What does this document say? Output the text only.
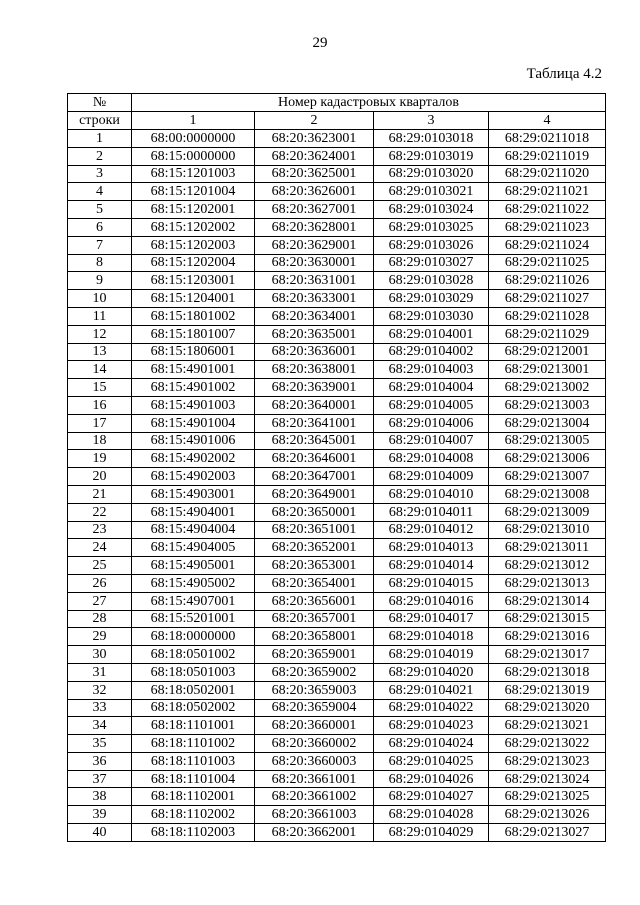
29
Таблица 4.2
№	Номер кадастровых кварталов			
строки	1	2	3	4
1	68:00:0000000	68:20:3623001	68:29:0103018	68:29:0211018
2	68:15:0000000	68:20:3624001	68:29:0103019	68:29:0211019
3	68:15:1201003	68:20:3625001	68:29:0103020	68:29:0211020
4	68:15:1201004	68:20:3626001	68:29:0103021	68:29:0211021
5	68:15:1202001	68:20:3627001	68:29:0103024	68:29:0211022
6	68:15:1202002	68:20:3628001	68:29:0103025	68:29:0211023
7	68:15:1202003	68:20:3629001	68:29:0103026	68:29:0211024
8	68:15:1202004	68:20:3630001	68:29:0103027	68:29:0211025
9	68:15:1203001	68:20:3631001	68:29:0103028	68:29:0211026
10	68:15:1204001	68:20:3633001	68:29:0103029	68:29:0211027
11	68:15:1801002	68:20:3634001	68:29:0103030	68:29:0211028
12	68:15:1801007	68:20:3635001	68:29:0104001	68:29:0211029
13	68:15:1806001	68:20:3636001	68:29:0104002	68:29:0212001
14	68:15:4901001	68:20:3638001	68:29:0104003	68:29:0213001
15	68:15:4901002	68:20:3639001	68:29:0104004	68:29:0213002
16	68:15:4901003	68:20:3640001	68:29:0104005	68:29:0213003
17	68:15:4901004	68:20:3641001	68:29:0104006	68:29:0213004
18	68:15:4901006	68:20:3645001	68:29:0104007	68:29:0213005
19	68:15:4902002	68:20:3646001	68:29:0104008	68:29:0213006
20	68:15:4902003	68:20:3647001	68:29:0104009	68:29:0213007
21	68:15:4903001	68:20:3649001	68:29:0104010	68:29:0213008
22	68:15:4904001	68:20:3650001	68:29:0104011	68:29:0213009
23	68:15:4904004	68:20:3651001	68:29:0104012	68:29:0213010
24	68:15:4904005	68:20:3652001	68:29:0104013	68:29:0213011
25	68:15:4905001	68:20:3653001	68:29:0104014	68:29:0213012
26	68:15:4905002	68:20:3654001	68:29:0104015	68:29:0213013
27	68:15:4907001	68:20:3656001	68:29:0104016	68:29:0213014
28	68:15:5201001	68:20:3657001	68:29:0104017	68:29:0213015
29	68:18:0000000	68:20:3658001	68:29:0104018	68:29:0213016
30	68:18:0501002	68:20:3659001	68:29:0104019	68:29:0213017
31	68:18:0501003	68:20:3659002	68:29:0104020	68:29:0213018
32	68:18:0502001	68:20:3659003	68:29:0104021	68:29:0213019
33	68:18:0502002	68:20:3659004	68:29:0104022	68:29:0213020
34	68:18:1101001	68:20:3660001	68:29:0104023	68:29:0213021
35	68:18:1101002	68:20:3660002	68:29:0104024	68:29:0213022
36	68:18:1101003	68:20:3660003	68:29:0104025	68:29:0213023
37	68:18:1101004	68:20:3661001	68:29:0104026	68:29:0213024
38	68:18:1102001	68:20:3661002	68:29:0104027	68:29:0213025
39	68:18:1102002	68:20:3661003	68:29:0104028	68:29:0213026
40	68:18:1102003	68:20:3662001	68:29:0104029	68:29:0213027
